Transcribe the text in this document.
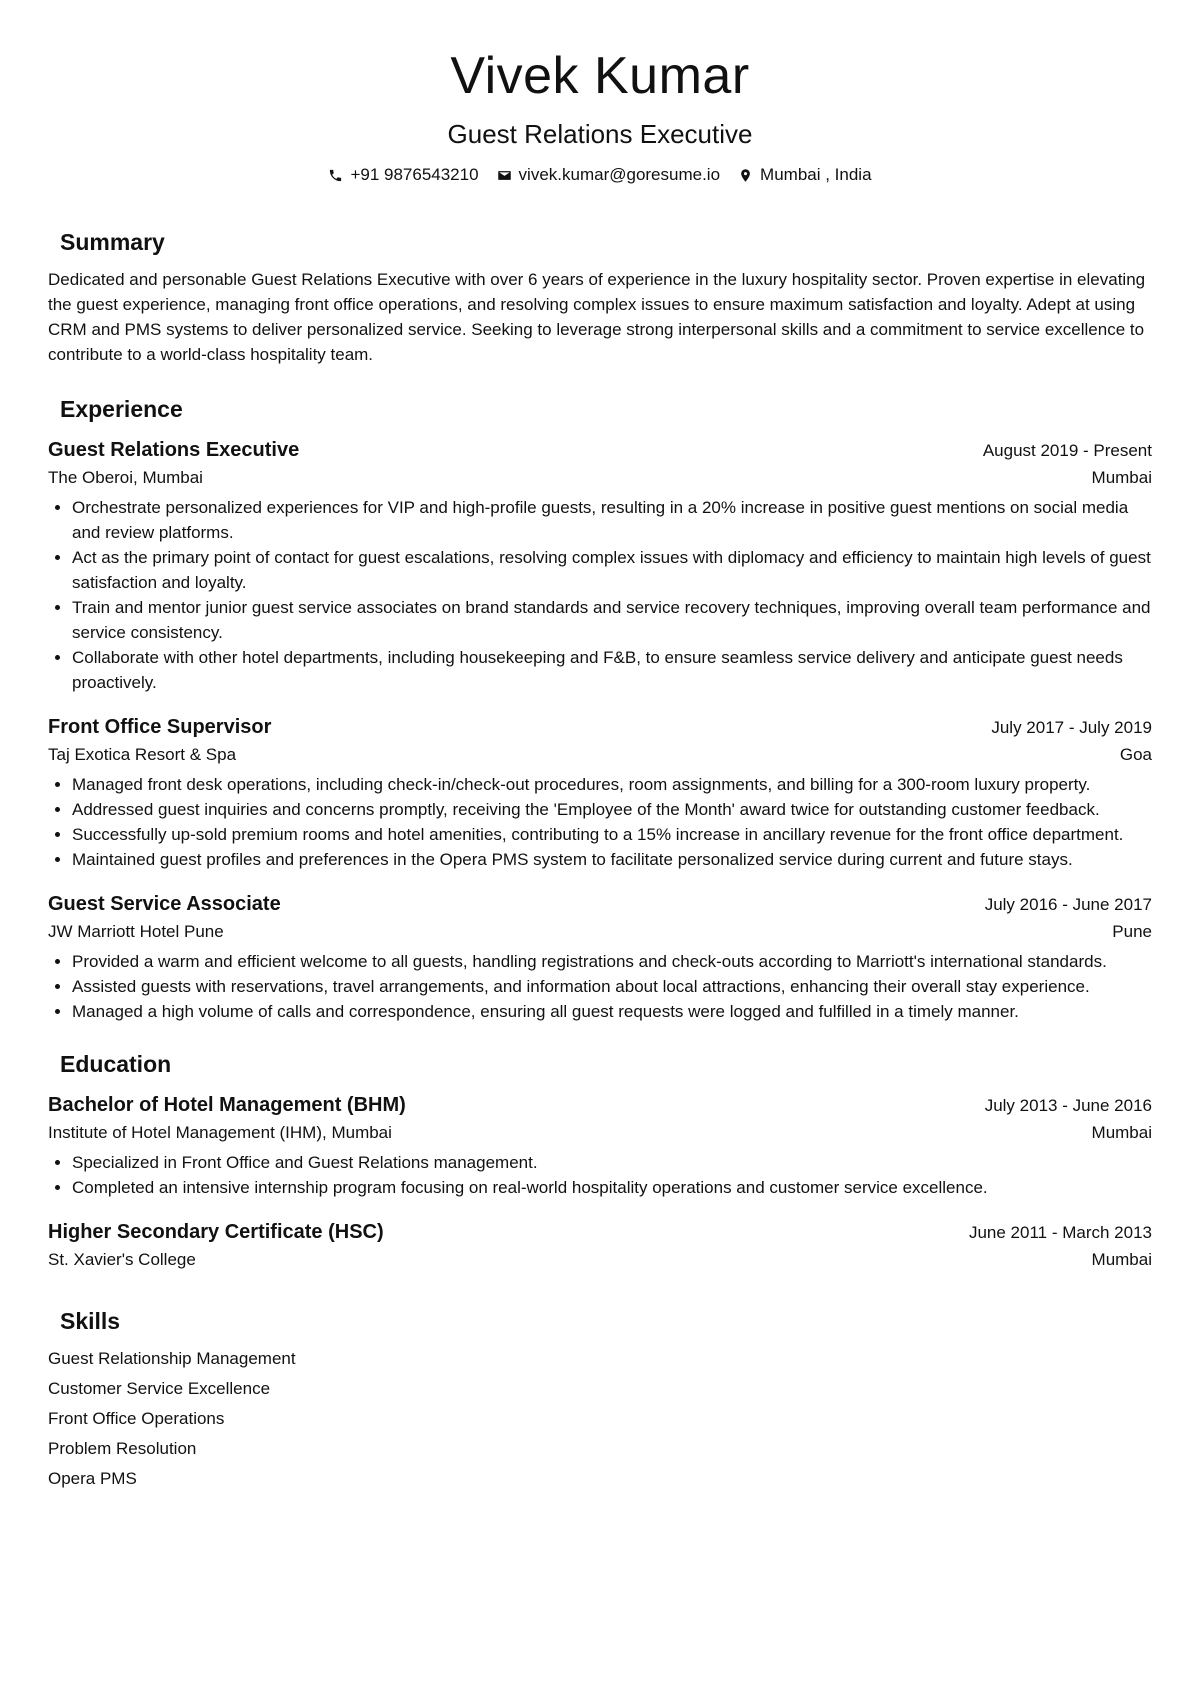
Vivek Kumar
Guest Relations Executive
+91 9876543210 vivek.kumar@goresume.io Mumbai , India
Summary

Dedicated and personable Guest Relations Executive with over 6 years of experience in the luxury hospitality sector. Proven expertise in elevating the guest experience, managing front office operations, and resolving complex issues to ensure maximum satisfaction and loyalty. Adept at using CRM and PMS systems to deliver personalized service. Seeking to leverage strong interpersonal skills and a commitment to service excellence to contribute to a world-class hospitality team.

Experience
Guest Relations Executive	August 2019 - Present
The Oberoi, Mumbai	Mumbai
• Orchestrate personalized experiences for VIP and high-profile guests, resulting in a 20% increase in positive guest mentions on social media and review platforms.
• Act as the primary point of contact for guest escalations, resolving complex issues with diplomacy and efficiency to maintain high levels of guest satisfaction and loyalty.
• Train and mentor junior guest service associates on brand standards and service recovery techniques, improving overall team performance and service consistency.
• Collaborate with other hotel departments, including housekeeping and F&B, to ensure seamless service delivery and anticipate guest needs proactively.
Front Office Supervisor	July 2017 - July 2019
Taj Exotica Resort & Spa	Goa
• Managed front desk operations, including check-in/check-out procedures, room assignments, and billing for a 300-room luxury property.
• Addressed guest inquiries and concerns promptly, receiving the 'Employee of the Month' award twice for outstanding customer feedback.
• Successfully up-sold premium rooms and hotel amenities, contributing to a 15% increase in ancillary revenue for the front office department.
• Maintained guest profiles and preferences in the Opera PMS system to facilitate personalized service during current and future stays.
Guest Service Associate	July 2016 - June 2017
JW Marriott Hotel Pune	Pune
• Provided a warm and efficient welcome to all guests, handling registrations and check-outs according to Marriott's international standards.
• Assisted guests with reservations, travel arrangements, and information about local attractions, enhancing their overall stay experience.
• Managed a high volume of calls and correspondence, ensuring all guest requests were logged and fulfilled in a timely manner.
Education
Bachelor of Hotel Management (BHM)	July 2013 - June 2016
Institute of Hotel Management (IHM), Mumbai	Mumbai
• Specialized in Front Office and Guest Relations management.
• Completed an intensive internship program focusing on real-world hospitality operations and customer service excellence.
Higher Secondary Certificate (HSC)	June 2011 - March 2013
St. Xavier's College	Mumbai
Skills
Guest Relationship Management
Customer Service Excellence
Front Office Operations
Problem Resolution
Opera PMS
